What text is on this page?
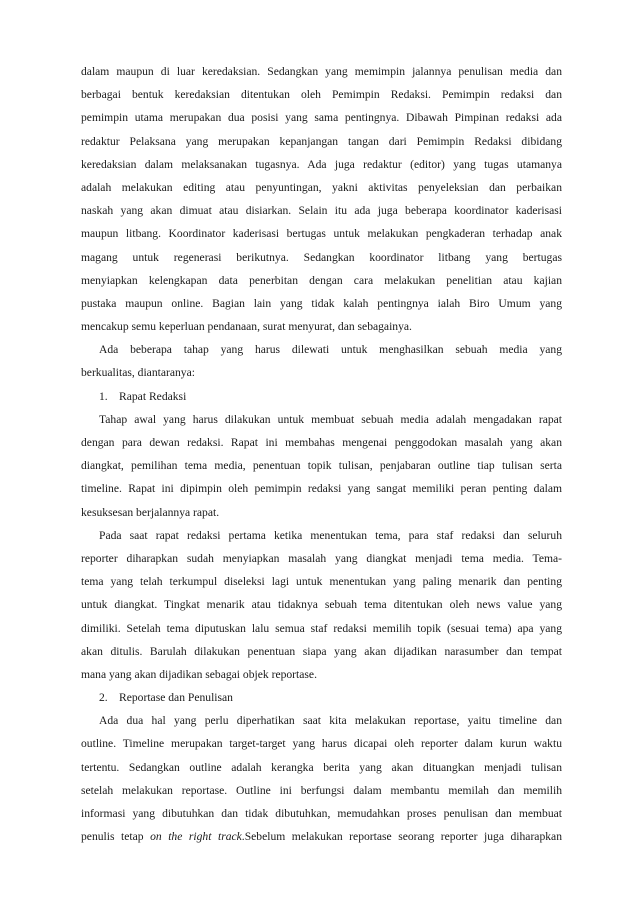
dalam maupun di luar keredaksian. Sedangkan yang memimpin jalannya penulisan media dan
berbagai bentuk keredaksian ditentukan oleh Pemimpin Redaksi. Pemimpin redaksi dan
pemimpin utama merupakan dua posisi yang sama pentingnya. Dibawah Pimpinan redaksi ada
redaktur Pelaksana yang merupakan kepanjangan tangan dari Pemimpin Redaksi dibidang
keredaksian dalam melaksanakan tugasnya. Ada juga redaktur (editor) yang tugas utamanya
adalah melakukan editing atau penyuntingan, yakni aktivitas penyeleksian dan perbaikan
naskah yang akan dimuat atau disiarkan. Selain itu ada juga beberapa koordinator kaderisasi
maupun litbang. Koordinator kaderisasi bertugas untuk melakukan pengkaderan terhadap anak
magang untuk regenerasi berikutnya. Sedangkan koordinator litbang yang bertugas
menyiapkan kelengkapan data penerbitan dengan cara melakukan penelitian atau kajian
pustaka maupun online. Bagian lain yang tidak kalah pentingnya ialah Biro Umum yang
mencakup semu keperluan pendanaan, surat menyurat, dan sebagainya.
Ada beberapa tahap yang harus dilewati untuk menghasilkan sebuah media yang
berkualitas, diantaranya:
1. Rapat Redaksi
Tahap awal yang harus dilakukan untuk membuat sebuah media adalah mengadakan rapat
dengan para dewan redaksi. Rapat ini membahas mengenai penggodokan masalah yang akan
diangkat, pemilihan tema media, penentuan topik tulisan, penjabaran outline tiap tulisan serta
timeline. Rapat ini dipimpin oleh pemimpin redaksi yang sangat memiliki peran penting dalam
kesuksesan berjalannya rapat.
Pada saat rapat redaksi pertama ketika menentukan tema, para staf redaksi dan seluruh
reporter diharapkan sudah menyiapkan masalah yang diangkat menjadi tema media. Tema-
tema yang telah terkumpul diseleksi lagi untuk menentukan yang paling menarik dan penting
untuk diangkat. Tingkat menarik atau tidaknya sebuah tema ditentukan oleh news value yang
dimiliki. Setelah tema diputuskan lalu semua staf redaksi memilih topik (sesuai tema) apa yang
akan ditulis. Barulah dilakukan penentuan siapa yang akan dijadikan narasumber dan tempat
mana yang akan dijadikan sebagai objek reportase.
2. Reportase dan Penulisan
Ada dua hal yang perlu diperhatikan saat kita melakukan reportase, yaitu timeline dan
outline. Timeline merupakan target-target yang harus dicapai oleh reporter dalam kurun waktu
tertentu. Sedangkan outline adalah kerangka berita yang akan dituangkan menjadi tulisan
setelah melakukan reportase. Outline ini berfungsi dalam membantu memilah dan memilih
informasi yang dibutuhkan dan tidak dibutuhkan, memudahkan proses penulisan dan membuat
penulis tetap on the right track.Sebelum melakukan reportase seorang reporter juga diharapkan
